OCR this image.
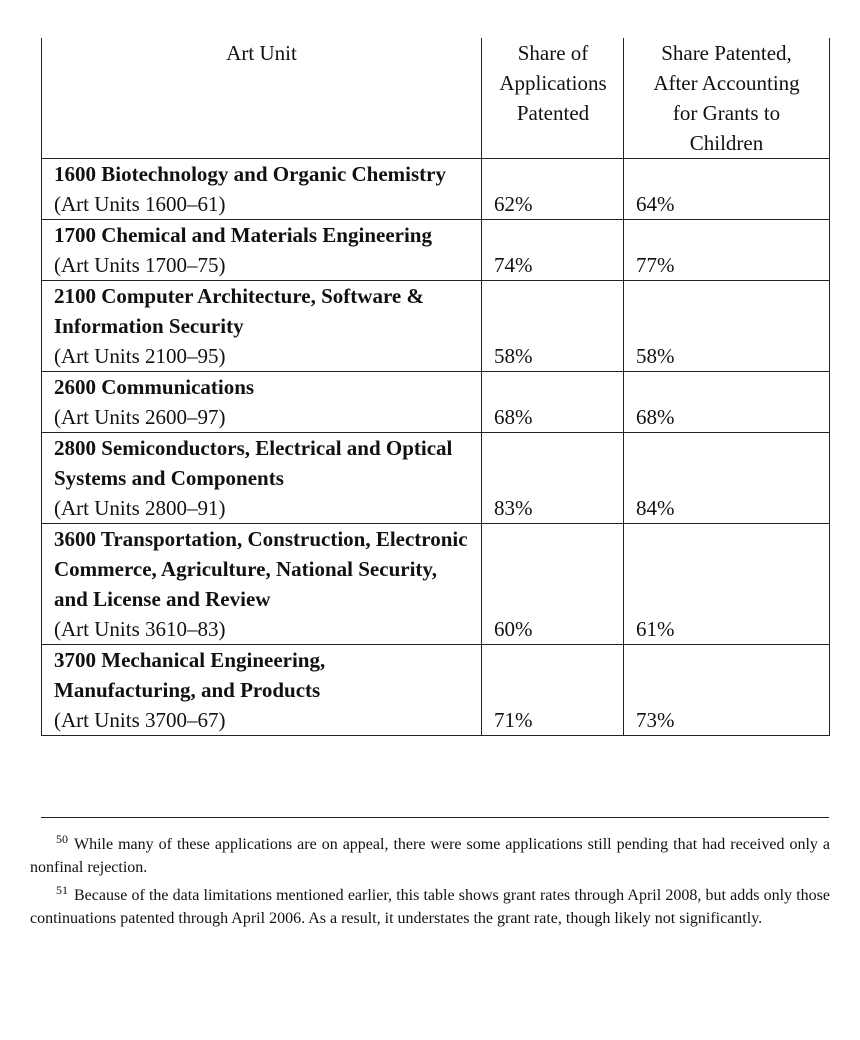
Art Unit	Share of Applications Patented	Share Patented, After Accounting for Grants to Children

1600 Biotechnology and Organic Chemistry
(Art Units 1600–61)	62%	64%

1700 Chemical and Materials Engineering
(Art Units 1700–75)	74%	77%

2100 Computer Architecture, Software & Information Security
(Art Units 2100–95)	58%	58%

2600 Communications
(Art Units 2600–97)	68%	68%

2800 Semiconductors, Electrical and Optical Systems and Components
(Art Units 2800–91)	83%	84%

3600 Transportation, Construction, Electronic Commerce, Agriculture, National Security, and License and Review
(Art Units 3610–83)	60%	61%

3700 Mechanical Engineering, Manufacturing, and Products
(Art Units 3700–67)	71%	73%

$^{50}$ While many of these applications are on appeal, there were some applications still pending that had received only a nonfinal rejection.

$^{51}$ Because of the data limitations mentioned earlier, this table shows grant rates through April 2008, but adds only those continuations patented through April 2006. As a result, it understates the grant rate, though likely not significantly.
